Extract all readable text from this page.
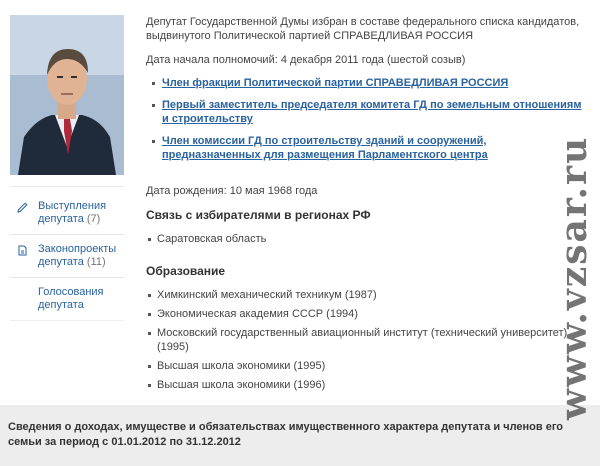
Выступления депутата (7)
Законопроекты депутата (11)
Голосования депутата

Депутат Государственной Думы избран в составе федерального списка кандидатов, выдвинутого Политической партией СПРАВЕДЛИВАЯ РОССИЯ

Дата начала полномочий: 4 декабря 2011 года (шестой созыв)

Член фракции Политической партии СПРАВЕДЛИВАЯ РОССИЯ
Первый заместитель председателя комитета ГД по земельным отношениям и строительству
Член комиссии ГД по строительству зданий и сооружений, предназначенных для размещения Парламентского центра

Дата рождения: 10 мая 1968 года

Связь с избирателями в регионах РФ
Саратовская область
Образование
Химкинский механический техникум (1987)
Экономическая академия СССР (1994)
Московский государственный авиационный институт (технический университет) (1995)
Высшая школа экономики (1995)
Высшая школа экономики (1996)
Сведения о доходах, имуществе и обязательствах имущественного характера депутата и членов его семьи за период с 01.01.2012 по 31.12.2012
www.vzsar.ru
